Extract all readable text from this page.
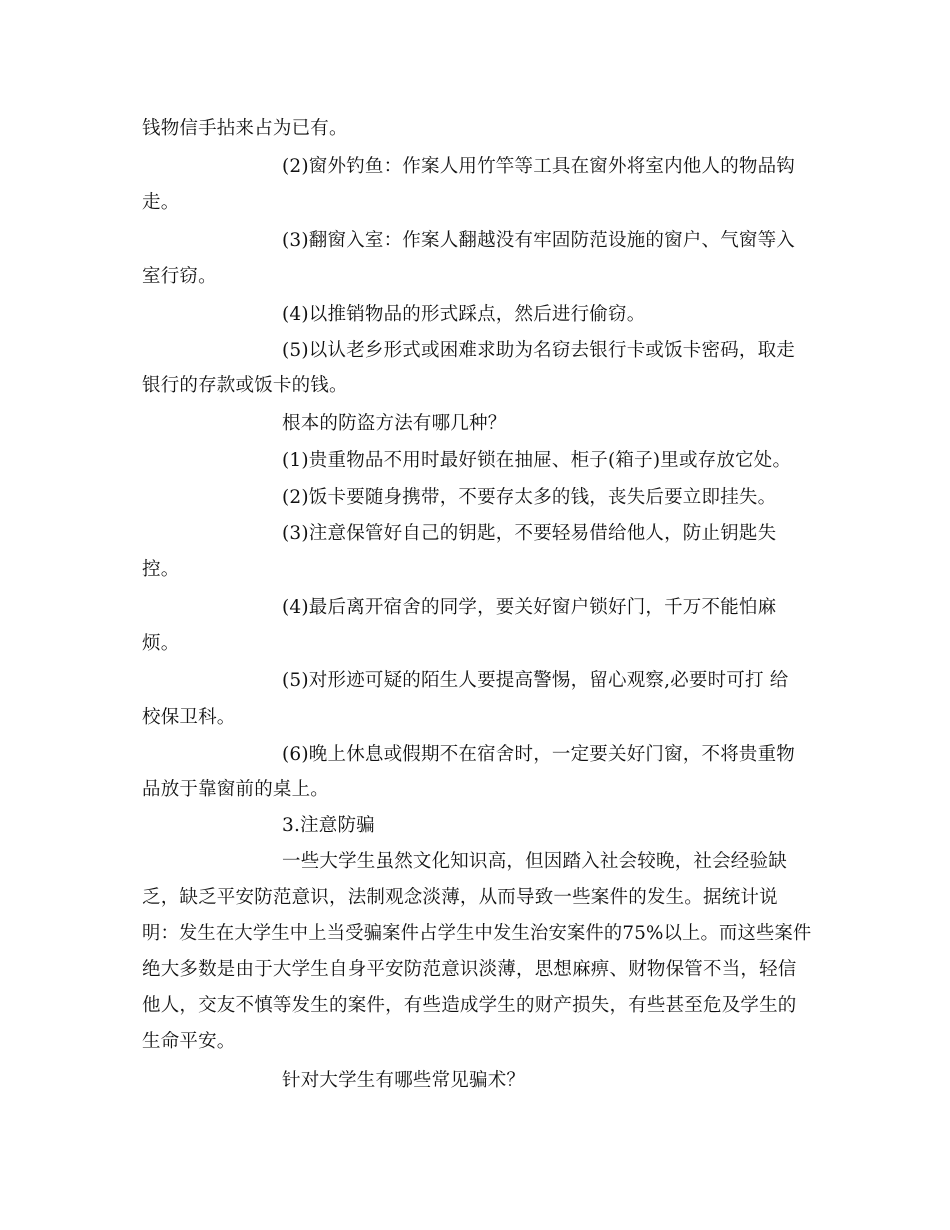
钱物信手拈来占为已有。
(2)窗外钓鱼：作案人用竹竿等工具在窗外将室内他人的物品钩
走。
(3)翻窗入室：作案人翻越没有牢固防范设施的窗户、气窗等入
室行窃。
(4)以推销物品的形式踩点，然后进行偷窃。
(5)以认老乡形式或困难求助为名窃去银行卡或饭卡密码，取走
银行的存款或饭卡的钱。
根本的防盗方法有哪几种？
(1)贵重物品不用时最好锁在抽屉、柜子(箱子)里或存放它处。
(2)饭卡要随身携带，不要存太多的钱，丧失后要立即挂失。
(3)注意保管好自己的钥匙，不要轻易借给他人，防止钥匙失
控。
(4)最后离开宿舍的同学，要关好窗户锁好门，千万不能怕麻
烦。
(5)对形迹可疑的陌生人要提高警惕，留心观察,必要时可打 给
校保卫科。
(6)晚上休息或假期不在宿舍时，一定要关好门窗，不将贵重物
品放于靠窗前的桌上。
3.注意防骗
一些大学生虽然文化知识高，但因踏入社会较晚，社会经验缺
乏，缺乏平安防范意识，法制观念淡薄，从而导致一些案件的发生。据统计说
明：发生在大学生中上当受骗案件占学生中发生治安案件的75%以上。而这些案件
绝大多数是由于大学生自身平安防范意识淡薄，思想麻痹、财物保管不当，轻信
他人，交友不慎等发生的案件，有些造成学生的财产损失，有些甚至危及学生的
生命平安。
针对大学生有哪些常见骗术？
